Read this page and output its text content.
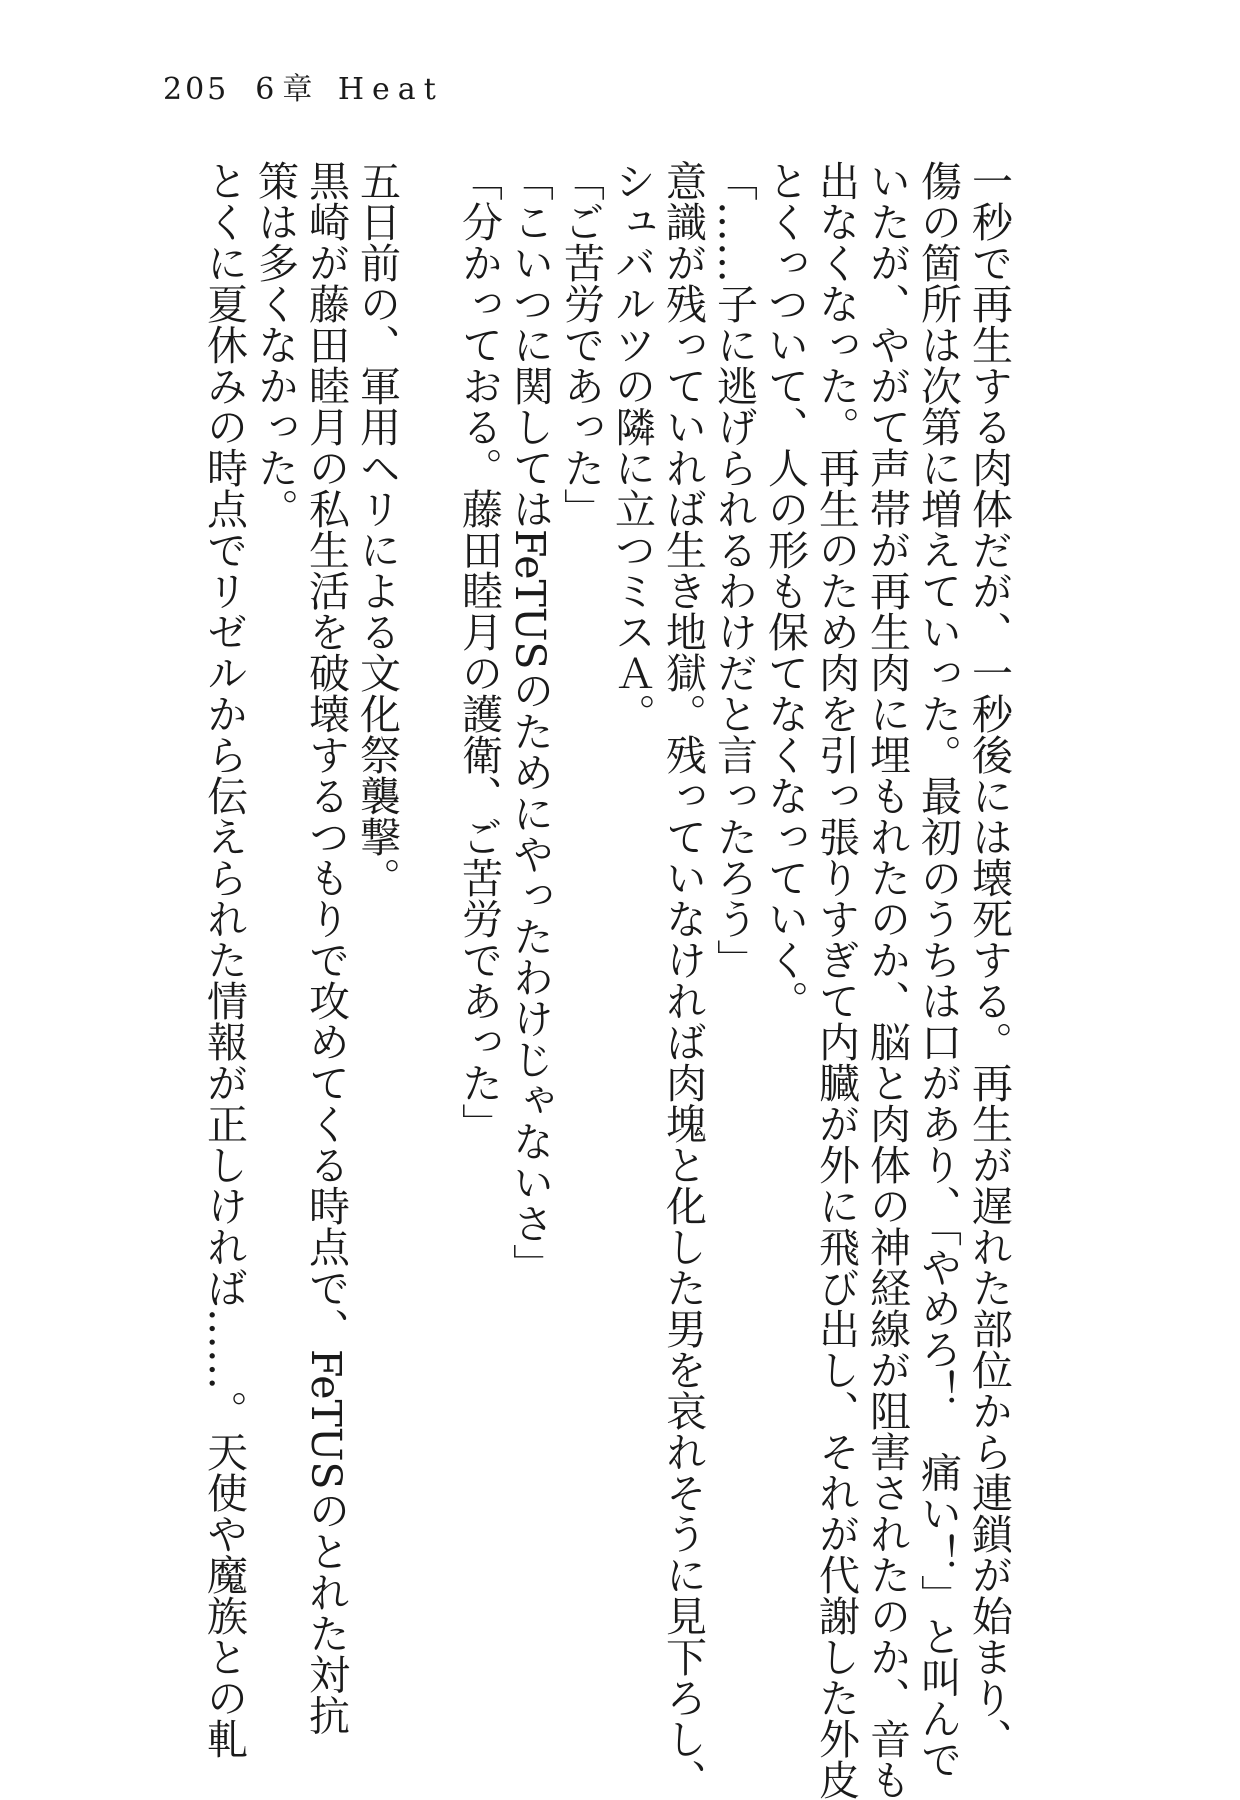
205 6章 Heat

一秒で再生する肉体だが、一秒後には壊死する。再生が遅れた部位から連鎖が始まり、

傷の箇所は次第に増えていった。最初のうちは口があり、「やめろ！　痛い！」と叫んで

いたが、やがて声帯が再生肉に埋もれたのか、脳と肉体の神経線が阻害されたのか、音も

出なくなった。再生のため肉を引っ張りすぎて内臓が外に飛び出し、それが代謝した外皮

とくっついて、人の形も保てなくなっていく。

「……子に逃げられるわけだと言ったろう」

意識が残っていれば生き地獄。残っていなければ肉塊と化した男を哀れそうに見下ろし、

シュバルツの隣に立つミスＡ。

「ご苦労であった」

「こいつに関してはFeTUSのためにやったわけじゃないさ」

「分かっておる。藤田睦月の護衛、ご苦労であった」

五日前の、軍用ヘリによる文化祭襲撃。

黒崎が藤田睦月の私生活を破壊するつもりで攻めてくる時点で、FeTUSのとれた対抗

策は多くなかった。

とくに夏休みの時点でリゼルから伝えられた情報が正しければ……。天使や魔族との軋
